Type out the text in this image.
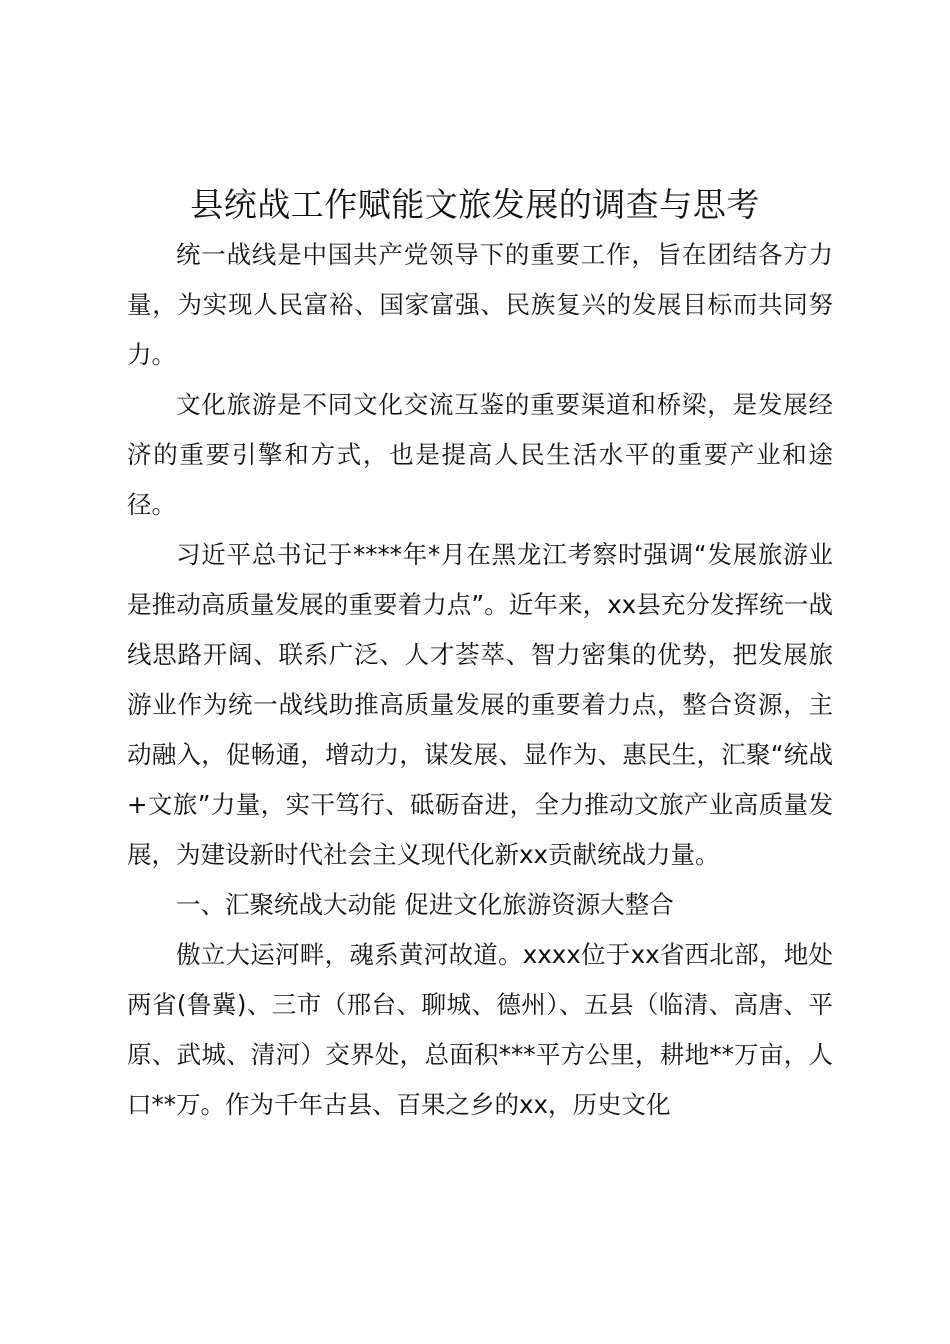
县统战工作赋能文旅发展的调查与思考

统一战线是中国共产党领导下的重要工作，旨在团结各方力量，为实现人民富裕、国家富强、民族复兴的发展目标而共同努力。

文化旅游是不同文化交流互鉴的重要渠道和桥梁，是发展经济的重要引擎和方式，也是提高人民生活水平的重要产业和途径。

习近平总书记于****年*月在黑龙江考察时强调“发展旅游业是推动高质量发展的重要着力点”。近年来，xx县充分发挥统一战线思路开阔、联系广泛、人才荟萃、智力密集的优势，把发展旅游业作为统一战线助推高质量发展的重要着力点，整合资源，主动融入，促畅通，增动力，谋发展、显作为、惠民生，汇聚“统战+文旅”力量，实干笃行、砥砺奋进，全力推动文旅产业高质量发展，为建设新时代社会主义现代化新xx贡献统战力量。

一、汇聚统战大动能 促进文化旅游资源大整合

傲立大运河畔，魂系黄河故道。xxxx位于xx省西北部，地处两省(鲁冀)、三市（邢台、聊城、德州）、五县（临清、高唐、平原、武城、清河）交界处，总面积***平方公里，耕地**万亩，人口**万。作为千年古县、百果之乡的xx，历史文化
